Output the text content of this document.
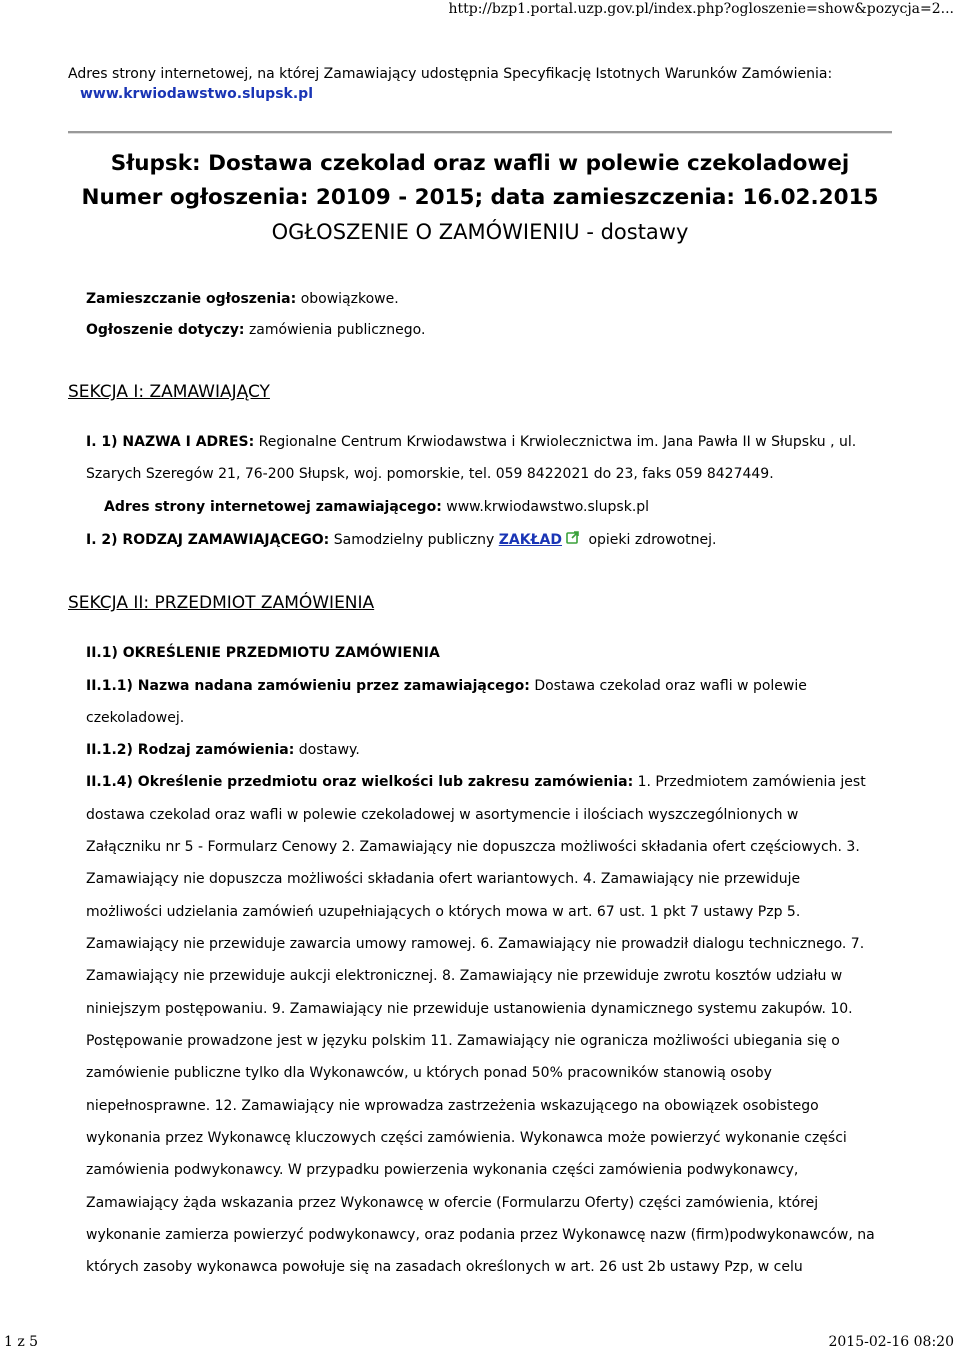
http://bzp1.portal.uzp.gov.pl/index.php?ogloszenie=show&pozycja=2...
Adres strony internetowej, na której Zamawiający udostępnia Specyfikację Istotnych Warunków Zamówienia:
www.krwiodawstwo.slupsk.pl
Słupsk: Dostawa czekolad oraz wafli w polewie czekoladowej
Numer ogłoszenia: 20109 - 2015; data zamieszczenia: 16.02.2015
OGŁOSZENIE O ZAMÓWIENIU - dostawy
Zamieszczanie ogłoszenia: obowiązkowe.
Ogłoszenie dotyczy: zamówienia publicznego.
SEKCJA I: ZAMAWIAJĄCY
I. 1) NAZWA I ADRES: Regionalne Centrum Krwiodawstwa i Krwiolecznictwa im. Jana Pawła II w Słupsku , ul.
Szarych Szeregów 21, 76-200 Słupsk, woj. pomorskie, tel. 059 8422021 do 23, faks 059 8427449.
Adres strony internetowej zamawiającego: www.krwiodawstwo.slupsk.pl
I. 2) RODZAJ ZAMAWIAJĄCEGO: Samodzielny publiczny ZAKŁAD opieki zdrowotnej.
SEKCJA II: PRZEDMIOT ZAMÓWIENIA
II.1) OKREŚLENIE PRZEDMIOTU ZAMÓWIENIA
II.1.1) Nazwa nadana zamówieniu przez zamawiającego: Dostawa czekolad oraz wafli w polewie
czekoladowej.
II.1.2) Rodzaj zamówienia: dostawy.
II.1.4) Określenie przedmiotu oraz wielkości lub zakresu zamówienia: 1. Przedmiotem zamówienia jest
dostawa czekolad oraz wafli w polewie czekoladowej w asortymencie i ilościach wyszczególnionych w
Załączniku nr 5 - Formularz Cenowy 2. Zamawiający nie dopuszcza możliwości składania ofert częściowych. 3.
Zamawiający nie dopuszcza możliwości składania ofert wariantowych. 4. Zamawiający nie przewiduje
możliwości udzielania zamówień uzupełniających o których mowa w art. 67 ust. 1 pkt 7 ustawy Pzp 5.
Zamawiający nie przewiduje zawarcia umowy ramowej. 6. Zamawiający nie prowadził dialogu technicznego. 7.
Zamawiający nie przewiduje aukcji elektronicznej. 8. Zamawiający nie przewiduje zwrotu kosztów udziału w
niniejszym postępowaniu. 9. Zamawiający nie przewiduje ustanowienia dynamicznego systemu zakupów. 10.
Postępowanie prowadzone jest w języku polskim 11. Zamawiający nie ogranicza możliwości ubiegania się o
zamówienie publiczne tylko dla Wykonawców, u których ponad 50% pracowników stanowią osoby
niepełnosprawne. 12. Zamawiający nie wprowadza zastrzeżenia wskazującego na obowiązek osobistego
wykonania przez Wykonawcę kluczowych części zamówienia. Wykonawca może powierzyć wykonanie części
zamówienia podwykonawcy. W przypadku powierzenia wykonania części zamówienia podwykonawcy,
Zamawiający żąda wskazania przez Wykonawcę w ofercie (Formularzu Oferty) części zamówienia, której
wykonanie zamierza powierzyć podwykonawcy, oraz podania przez Wykonawcę nazw (firm)podwykonawców, na
których zasoby wykonawca powołuje się na zasadach określonych w art. 26 ust 2b ustawy Pzp, w celu
1 z 5	2015-02-16 08:20
